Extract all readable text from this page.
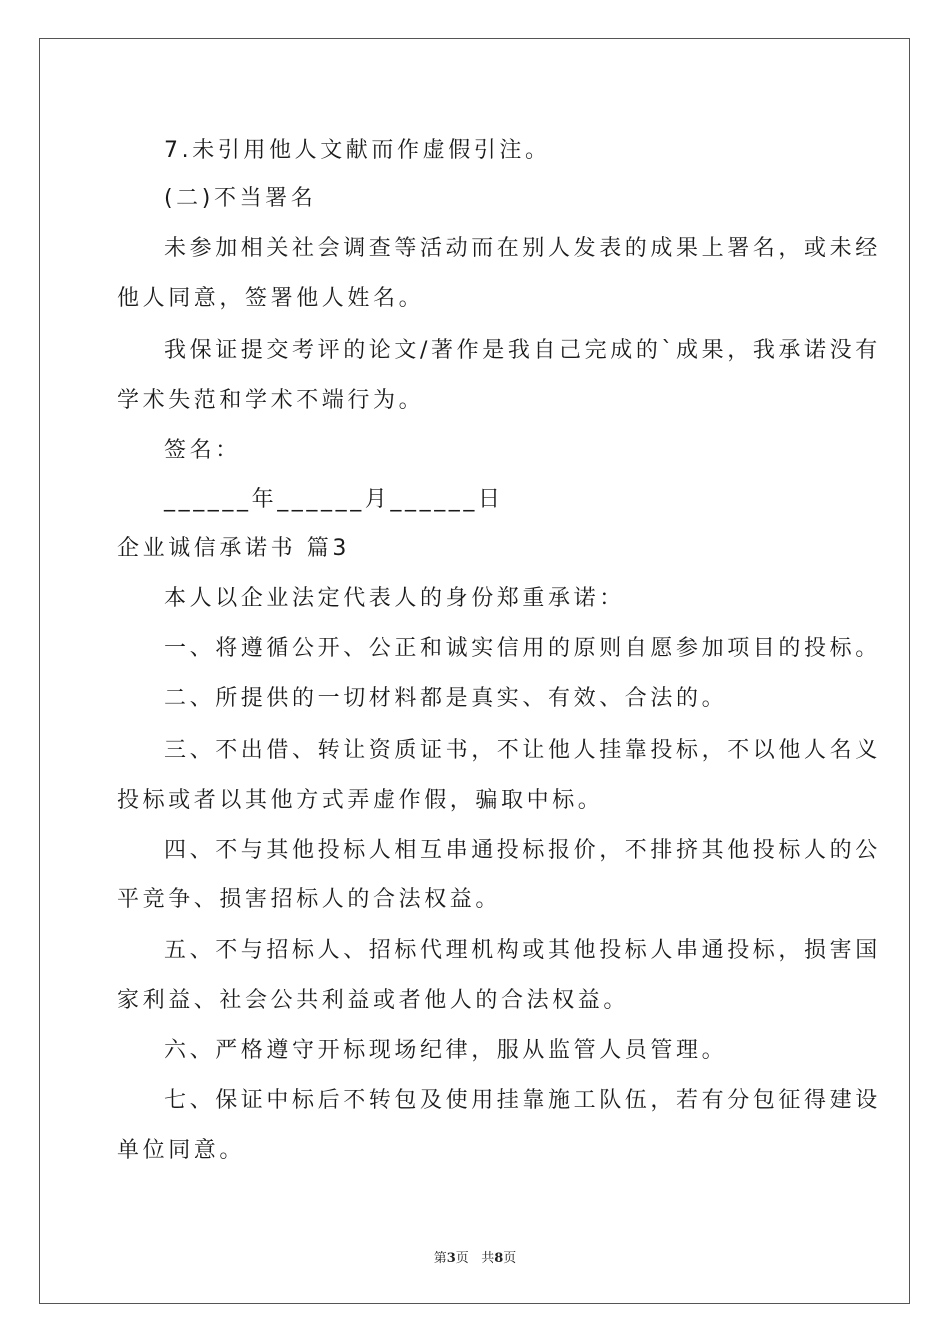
7.未引用他人文献而作虚假引注。
(二)不当署名
未参加相关社会调查等活动而在别人发表的成果上署名，或未经
他人同意，签署他人姓名。
我保证提交考评的论文/著作是我自己完成的`成果，我承诺没有
学术失范和学术不端行为。
签名：
______年______月______日
企业诚信承诺书 篇3
本人以企业法定代表人的身份郑重承诺：
一、将遵循公开、公正和诚实信用的原则自愿参加项目的投标。
二、所提供的一切材料都是真实、有效、合法的。
三、不出借、转让资质证书，不让他人挂靠投标，不以他人名义
投标或者以其他方式弄虚作假，骗取中标。
四、不与其他投标人相互串通投标报价，不排挤其他投标人的公
平竞争、损害招标人的合法权益。
五、不与招标人、招标代理机构或其他投标人串通投标，损害国
家利益、社会公共利益或者他人的合法权益。
六、严格遵守开标现场纪律，服从监管人员管理。
七、保证中标后不转包及使用挂靠施工队伍，若有分包征得建设
单位同意。
第3页 共8页
